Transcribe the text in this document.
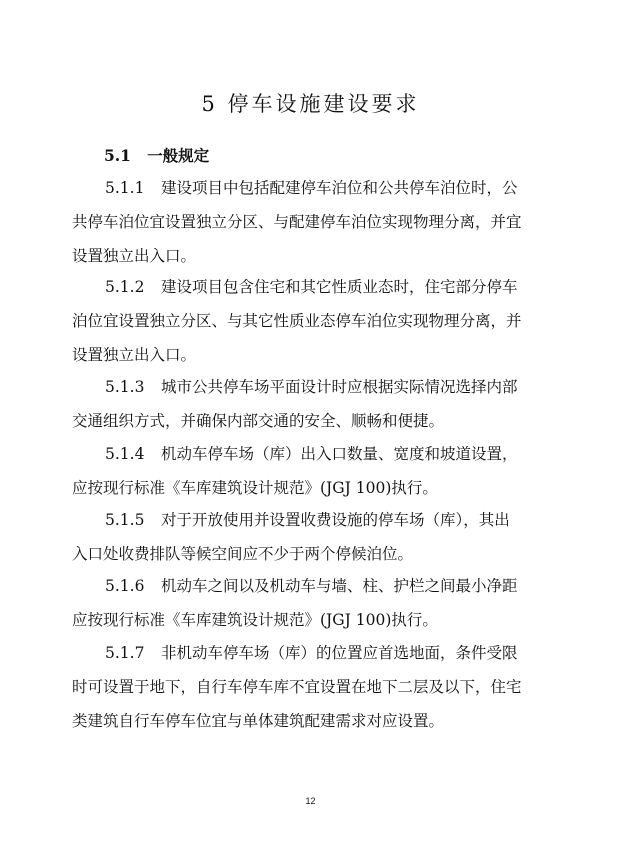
5 停车设施建设要求
5.1 一般规定
5.1.1 建设项目中包括配建停车泊位和公共停车泊位时，公
共停车泊位宜设置独立分区、与配建停车泊位实现物理分离，并宜
设置独立出入口。
5.1.2 建设项目包含住宅和其它性质业态时，住宅部分停车
泊位宜设置独立分区、与其它性质业态停车泊位实现物理分离，并
设置独立出入口。
5.1.3 城市公共停车场平面设计时应根据实际情况选择内部
交通组织方式，并确保内部交通的安全、顺畅和便捷。
5.1.4 机动车停车场（库）出入口数量、宽度和坡道设置，
应按现行标准《车库建筑设计规范》(JGJ 100)执行。
5.1.5 对于开放使用并设置收费设施的停车场（库），其出
入口处收费排队等候空间应不少于两个停候泊位。
5.1.6 机动车之间以及机动车与墙、柱、护栏之间最小净距
应按现行标准《车库建筑设计规范》(JGJ 100)执行。
5.1.7 非机动车停车场（库）的位置应首选地面，条件受限
时可设置于地下，自行车停车库不宜设置在地下二层及以下，住宅
类建筑自行车停车位宜与单体建筑配建需求对应设置。
12
